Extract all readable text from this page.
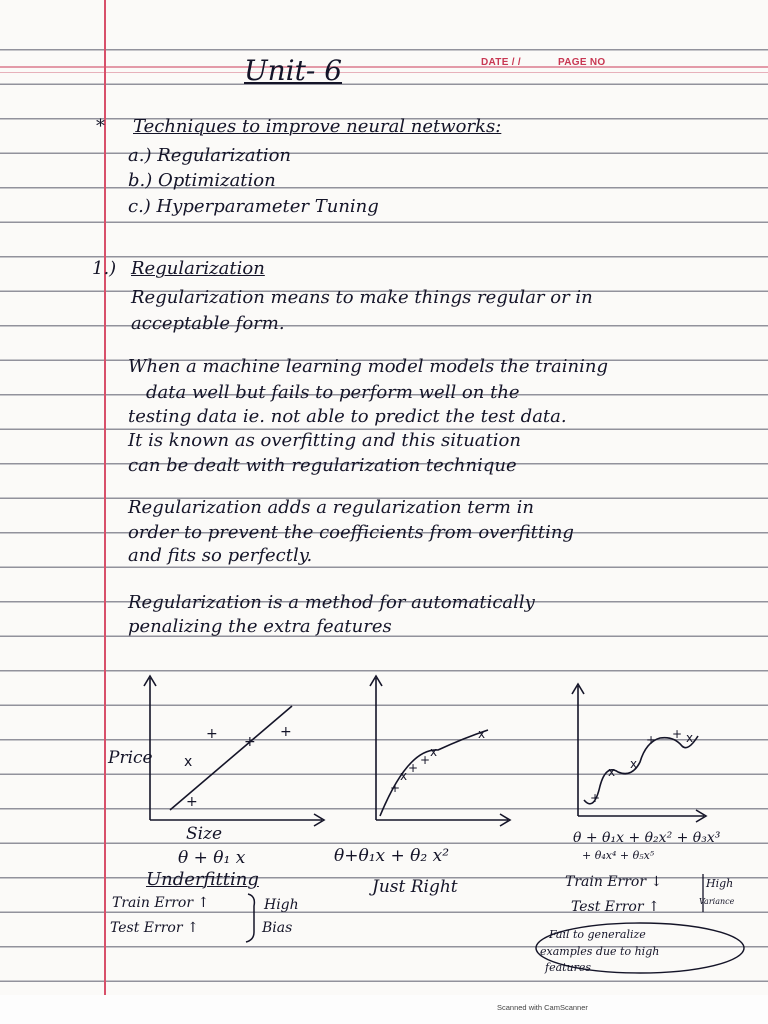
Unit- 6	DATE / /	PAGE NO
* Techniques to improve neural networks:
a.) Regularization
b.) Optimization
c.) Hyperparameter Tuning
1.) Regularization
Regularization means to make things regular or in
acceptable form.
When a machine learning model models the training
data well but fails to perform well on the
testing data ie. not able to predict the test data.
It is known as overfitting and this situation
can be dealt with regularization technique
Regularization adds a regularization term in
order to prevent the coefficients from overfitting
and fits so perfectly.
Regularization is a method for automatically
penalizing the extra features
+ +
+
x
+
Price
Size
θ + θ₁ x
Underfitting
Train Error ↑
Test Error ↑
High
Bias
+
x
+
+
x
x
θ+θ₁x + θ₂ x²
Just Right
+
x
x
+ + x
θ + θ₁x + θ₂x² + θ₃x³
+ θ₄x⁴ + θ₅x⁵
Train Error ↓
Test Error ↑
High
Variance
Fail to generalize
examples due to high
features
Scanned with CamScanner
